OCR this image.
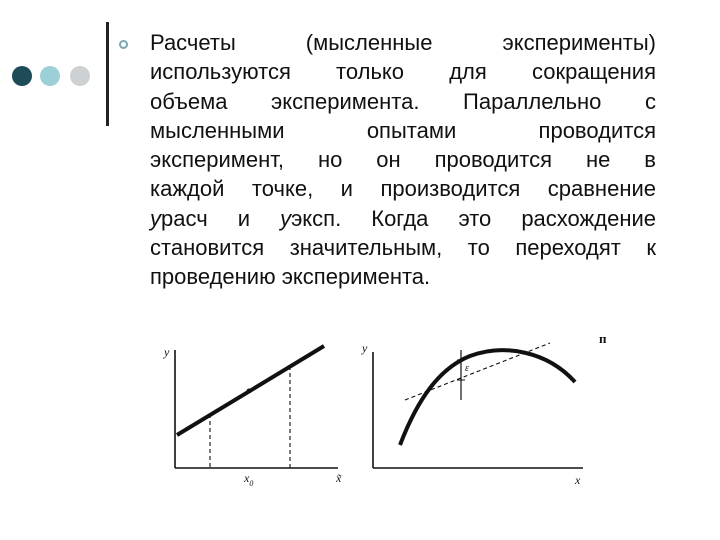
Расчеты (мысленные эксперименты)
используются только для сокращения
объема эксперимента. Параллельно с
мысленными опытами проводится
эксперимент, но он проводится не в
каждой точке, и производится сравнение
yрасч и yэксп. Когда это расхождение
становится значительным, то переходят к
проведению эксперимента.
y
$x_0$	x̃
y
x
ε
п
